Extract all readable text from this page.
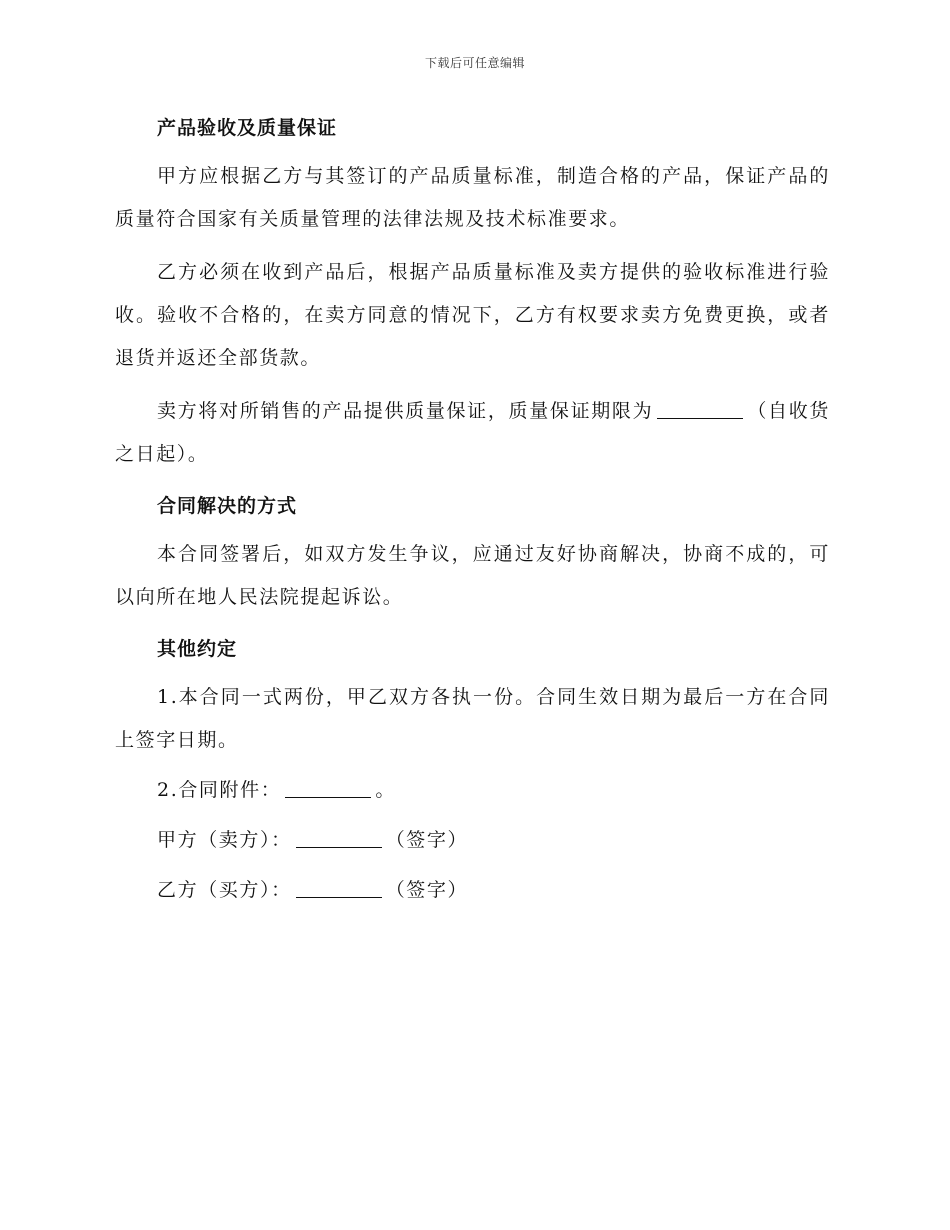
下载后可任意编辑
产品验收及质量保证

甲方应根据乙方与其签订的产品质量标准，制造合格的产品，保证产品的质量符合国家有关质量管理的法律法规及技术标准要求。

乙方必须在收到产品后，根据产品质量标准及卖方提供的验收标准进行验收。验收不合格的，在卖方同意的情况下，乙方有权要求卖方免费更换，或者退货并返还全部货款。

卖方将对所销售的产品提供质量保证，质量保证期限为	（自收货之日起）。

合同解决的方式

本合同签署后，如双方发生争议，应通过友好协商解决，协商不成的，可以向所在地人民法院提起诉讼。

其他约定

1.本合同一式两份，甲乙双方各执一份。合同生效日期为最后一方在合同上签字日期。

2.合同附件：	。

甲方（卖方）：	（签字）

乙方（买方）：	（签字）
